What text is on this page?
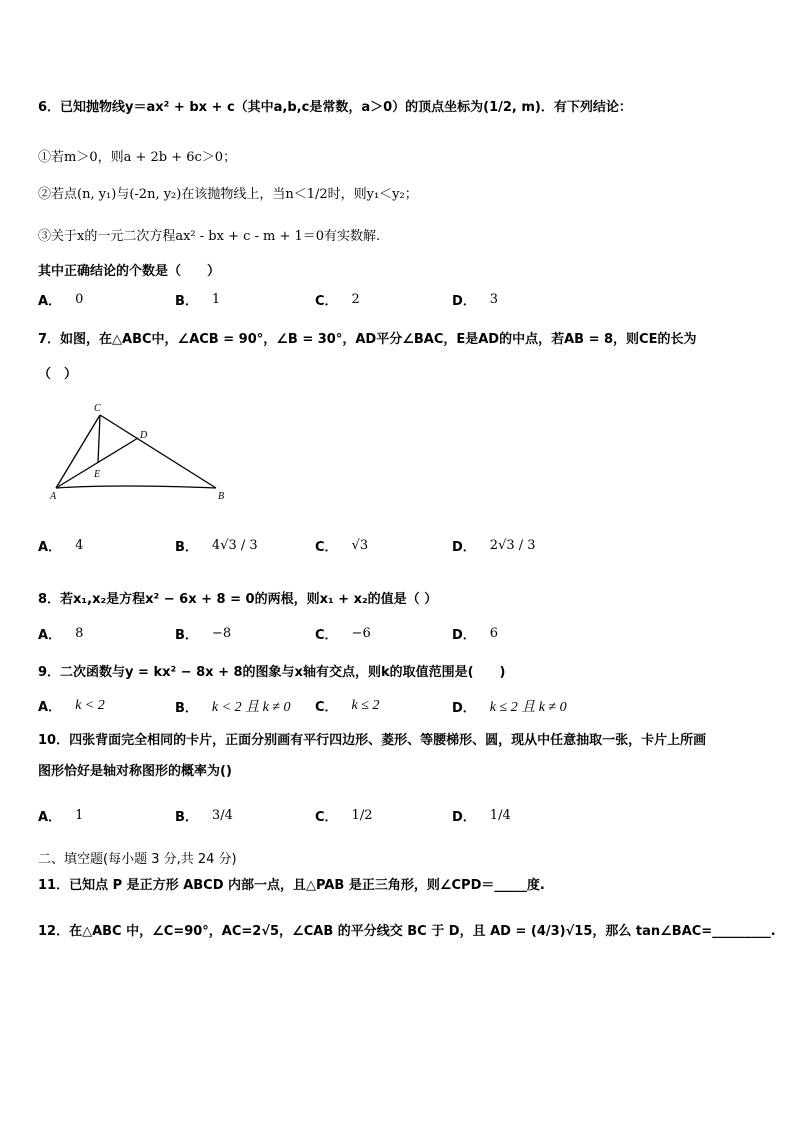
6．已知抛物线y＝ax² + bx + c（其中a,b,c是常数，a＞0）的顶点坐标为(1/2, m)．有下列结论：
①若m＞0，则a + 2b + 6c＞0；
②若点(n, y₁)与(-2n, y₂)在该抛物线上，当n＜1/2时，则y₁＜y₂；
③关于x的一元二次方程ax² - bx + c - m + 1＝0有实数解.
其中正确结论的个数是（　　）
A． 0	B． 1	C． 2	D． 3
7．如图，在△ABC中，∠ACB = 90°，∠B = 30°，AD平分∠BAC，E是AD的中点，若AB = 8，则CE的长为
（　）
C
D
E
A	B
A． 4	B． 4√3 / 3	C． √3	D． 2√3 / 3
8．若x₁,x₂是方程x² − 6x + 8 = 0的两根，则x₁ + x₂的值是（ ）
A． 8	B． −8	C． −6	D． 6
9．二次函数与y = kx² − 8x + 8的图象与x轴有交点，则k的取值范围是(　　)
A． k < 2	B． k < 2 且 k ≠ 0 C． k ≤ 2	D． k ≤ 2 且 k ≠ 0
10．四张背面完全相同的卡片，正面分别画有平行四边形、菱形、等腰梯形、圆，现从中任意抽取一张，卡片上所画
图形恰好是轴对称图形的概率为()
A． 1	B． 3/4	C． 1/2	D． 1/4
二、填空题(每小题 3 分,共 24 分)
11．已知点 P 是正方形 ABCD 内部一点，且△PAB 是正三角形，则∠CPD＝_____度.
12．在△ABC 中，∠C=90°，AC=2√5，∠CAB 的平分线交 BC 于 D，且 AD = (4/3)√15，那么 tan∠BAC=_________.
